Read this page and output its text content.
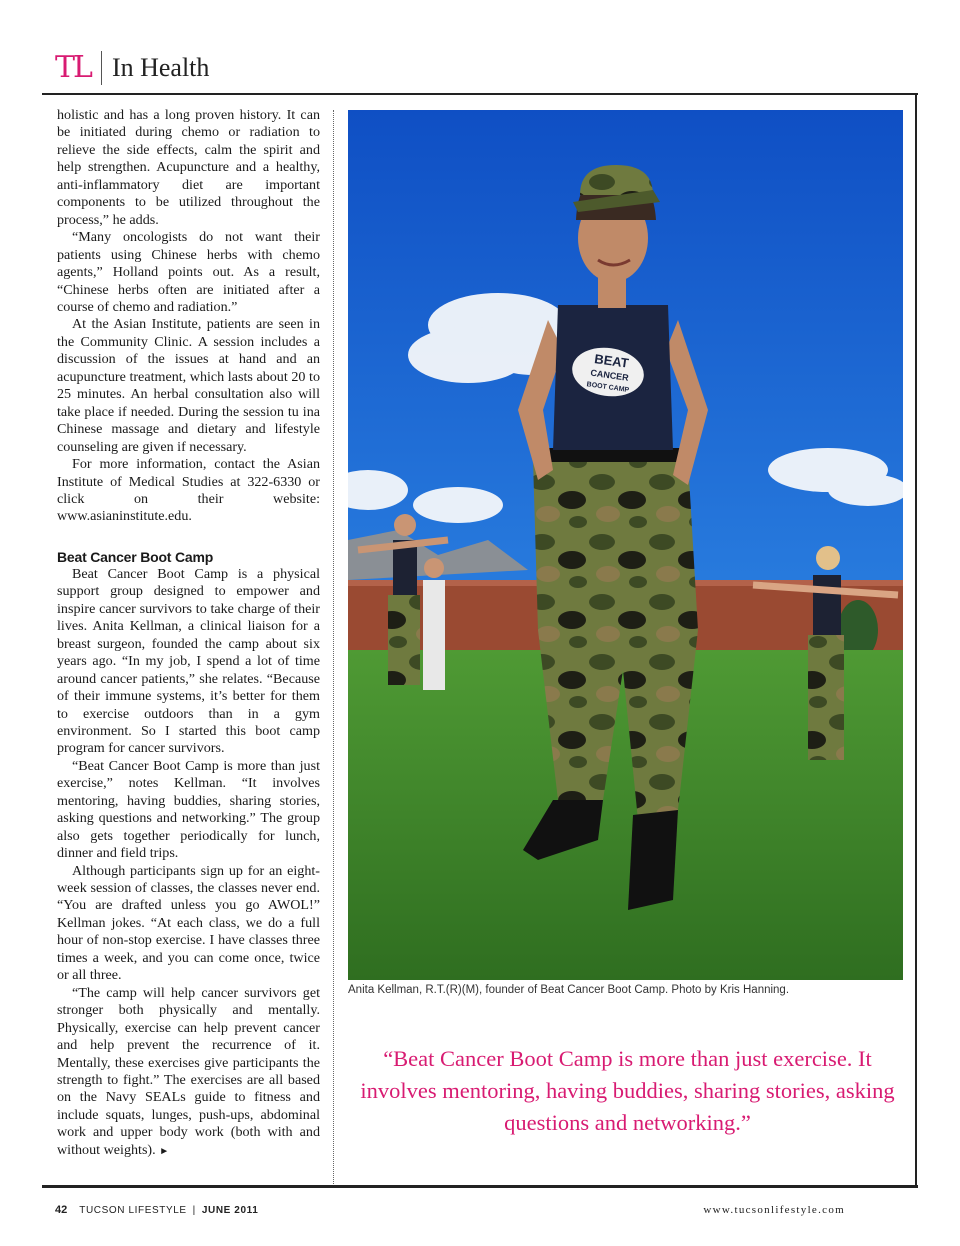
TL In Health

holistic and has a long proven history. It can be initiated during chemo or radiation to relieve the side effects, calm the spirit and help strengthen. Acupuncture and a healthy, anti-inflammatory diet are important components to be utilized throughout the process,” he adds.

“Many oncologists do not want their patients using Chinese herbs with chemo agents,” Holland points out. As a result, “Chinese herbs often are initiated after a course of chemo and radiation.”

At the Asian Institute, patients are seen in the Community Clinic. A session includes a discussion of the issues at hand and an acupuncture treatment, which lasts about 20 to 25 minutes. An herbal consultation also will take place if needed. During the session tu ina Chinese massage and dietary and lifestyle counseling are given if necessary.

For more information, contact the Asian Institute of Medical Studies at 322-6330 or click on their website: www.asianinstitute.edu.

Beat Cancer Boot Camp

Beat Cancer Boot Camp is a physical support group designed to empower and inspire cancer survivors to take charge of their lives. Anita Kellman, a clinical liaison for a breast surgeon, founded the camp about six years ago. “In my job, I spend a lot of time around cancer patients,” she relates. “Because of their immune systems, it’s better for them to exercise outdoors than in a gym environment. So I started this boot camp program for cancer survivors.

“Beat Cancer Boot Camp is more than just exercise,” notes Kellman. “It involves mentoring, having buddies, sharing stories, asking questions and networking.” The group also gets together periodically for lunch, dinner and field trips.

Although participants sign up for an eight-week session of classes, the classes never end. “You are drafted unless you go AWOL!” Kellman jokes. “At each class, we do a full hour of non-stop exercise. I have classes three times a week, and you can come once, twice or all three.

“The camp will help cancer survivors get stronger both physically and mentally. Physically, exercise can help prevent cancer and help prevent the recurrence of it. Mentally, these exercises give participants the strength to fight.” The exercises are all based on the Navy SEALs guide to fitness and include squats, lunges, push-ups, abdominal work and upper body work (both with and without weights). ►

BEAT
CANCER
BOOT CAMP
Anita Kellman, R.T.(R)(M), founder of Beat Cancer Boot Camp. Photo by Kris Hanning.
“Beat Cancer Boot Camp is more than just exercise. It involves mentoring, having buddies, sharing stories, asking questions and networking.”
42 TUCSON LIFESTYLE | JUNE 2011	www.tucsonlifestyle.com
